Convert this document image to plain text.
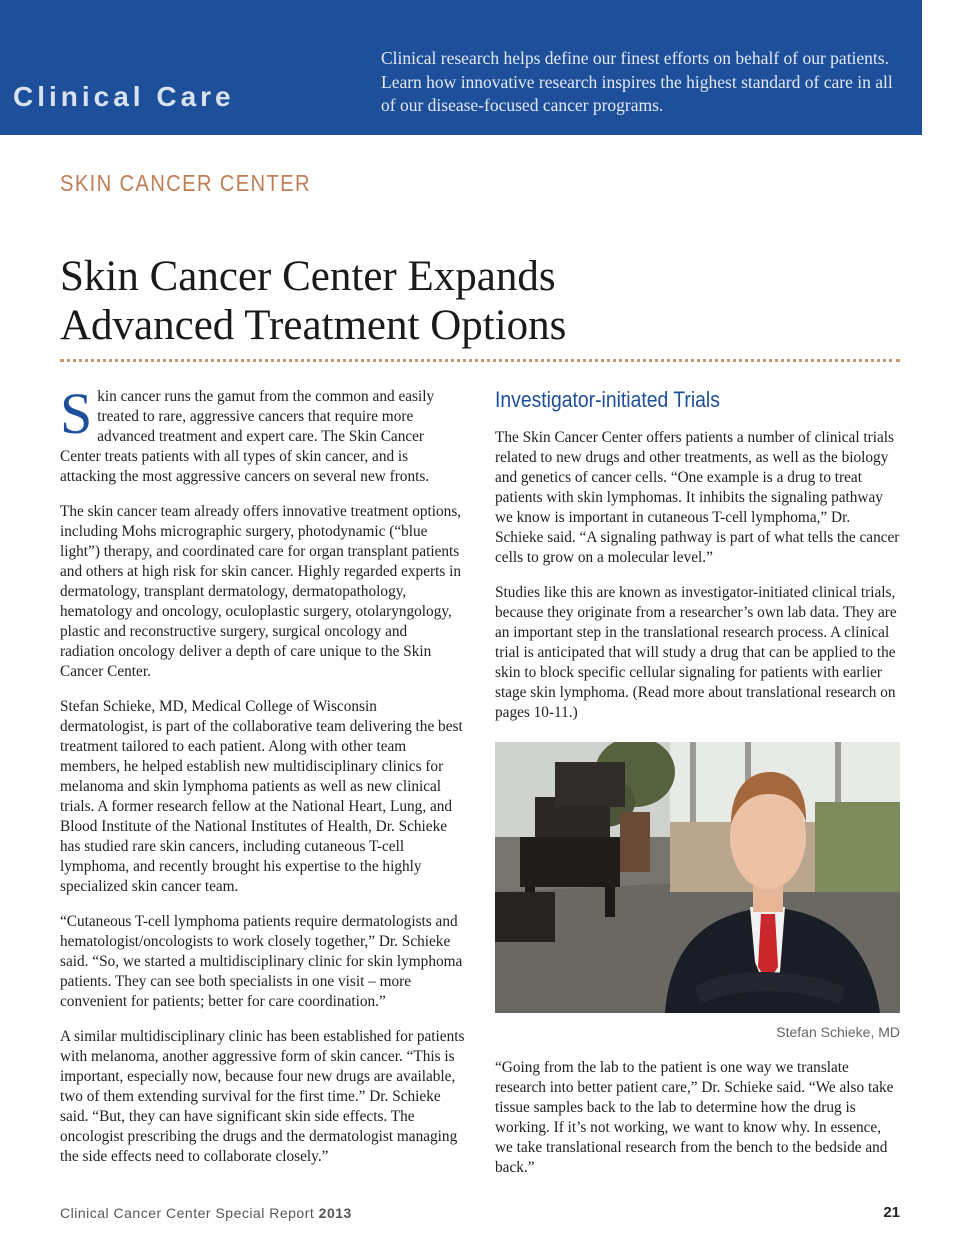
Clinical Care
Clinical research helps define our finest efforts on behalf of our patients. Learn how innovative research inspires the highest standard of care in all of our disease-focused cancer programs.
SKIN CANCER CENTER
Skin Cancer Center Expands
Advanced Treatment Options

Skin cancer runs the gamut from the common and easily treated to rare, aggressive cancers that require more advanced treatment and expert care. The Skin Cancer Center treats patients with all types of skin cancer, and is attacking the most aggressive cancers on several new fronts.

The skin cancer team already offers innovative treatment options, including Mohs micrographic surgery, photodynamic (“blue light”) therapy, and coordinated care for organ transplant patients and others at high risk for skin cancer. Highly regarded experts in dermatology, transplant dermatology, dermatopathology, hematology and oncology, oculoplastic surgery, otolaryngology, plastic and reconstructive surgery, surgical oncology and radiation oncology deliver a depth of care unique to the Skin Cancer Center.

Stefan Schieke, MD, Medical College of Wisconsin dermatologist, is part of the collaborative team delivering the best treatment tailored to each patient. Along with other team members, he helped establish new multidisciplinary clinics for melanoma and skin lymphoma patients as well as new clinical trials. A former research fellow at the National Heart, Lung, and Blood Institute of the National Institutes of Health, Dr. Schieke has studied rare skin cancers, including cutaneous T-cell lymphoma, and recently brought his expertise to the highly specialized skin cancer team.

“Cutaneous T-cell lymphoma patients require dermatologists and hematologist/oncologists to work closely together,” Dr. Schieke said. “So, we started a multidisciplinary clinic for skin lymphoma patients. They can see both specialists in one visit – more convenient for patients; better for care coordination.”

A similar multidisciplinary clinic has been established for patients with melanoma, another aggressive form of skin cancer. “This is important, especially now, because four new drugs are available, two of them extending survival for the first time.” Dr. Schieke said. “But, they can have significant skin side effects. The oncologist prescribing the drugs and the dermatologist managing the side effects need to collaborate closely.”

Investigator-initiated Trials

The Skin Cancer Center offers patients a number of clinical trials related to new drugs and other treatments, as well as the biology and genetics of cancer cells. “One example is a drug to treat patients with skin lymphomas. It inhibits the signaling pathway we know is important in cutaneous T-cell lymphoma,” Dr. Schieke said. “A signaling pathway is part of what tells the cancer cells to grow on a molecular level.”

Studies like this are known as investigator-initiated clinical trials, because they originate from a researcher’s own lab data. They are an important step in the translational research process. A clinical trial is anticipated that will study a drug that can be applied to the skin to block specific cellular signaling for patients with earlier stage skin lymphoma. (Read more about translational research on pages 10-11.)

Stefan Schieke, MD

“Going from the lab to the patient is one way we translate research into better patient care,” Dr. Schieke said. “We also take tissue samples back to the lab to determine how the drug is working. If it’s not working, we want to know why. In essence, we take translational research from the bench to the bedside and back.”

Clinical Cancer Center Special Report 2013	21
